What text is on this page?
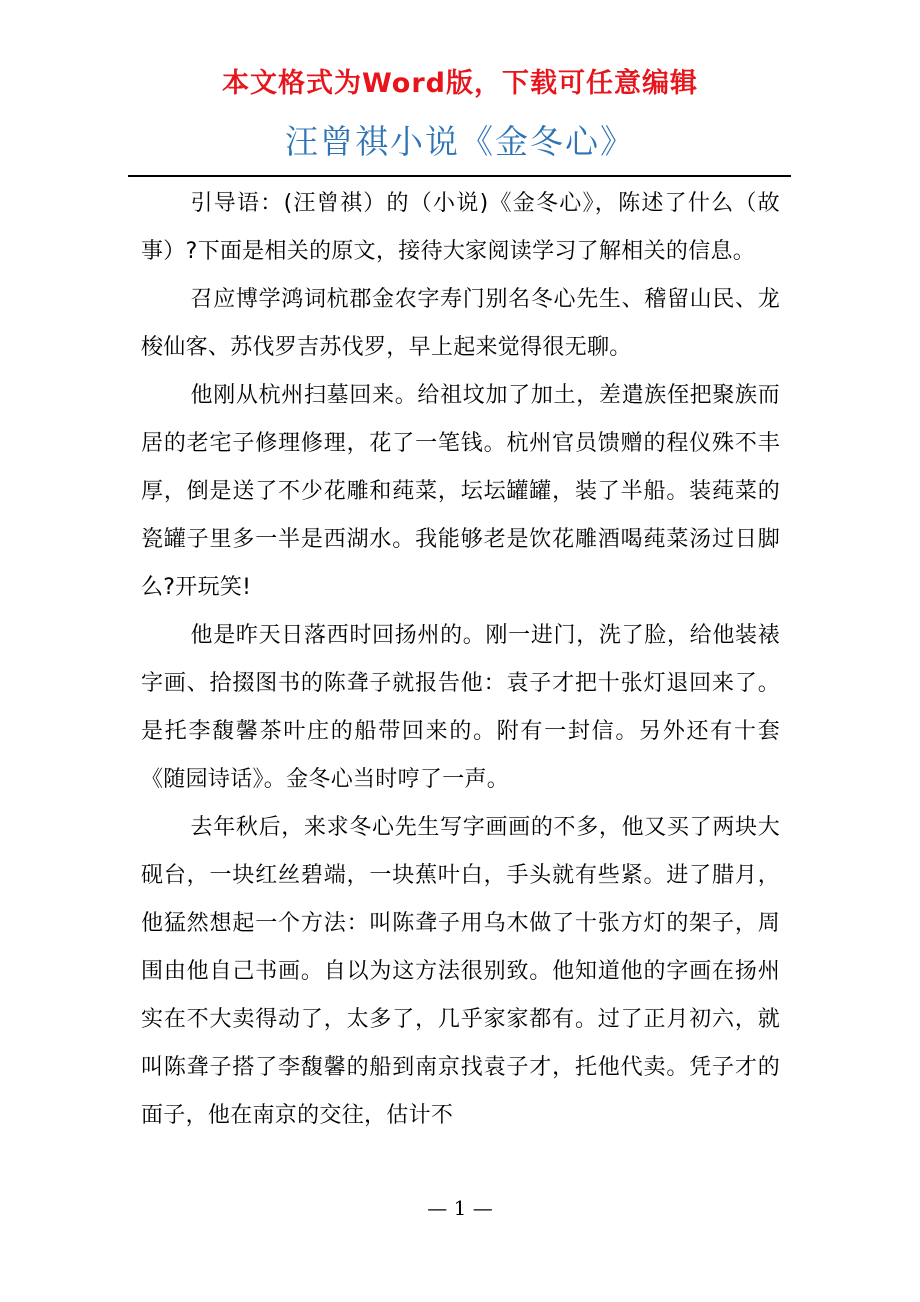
本文格式为Word版，下载可任意编辑
汪曾祺小说《金冬心》

引导语：(汪曾祺）的（小说)《金冬心》，陈述了什么（故事）?下面是相关的原文，接待大家阅读学习了解相关的信息。

召应博学鸿词杭郡金农字寿门别名冬心先生、稽留山民、龙梭仙客、苏伐罗吉苏伐罗，早上起来觉得很无聊。

他刚从杭州扫墓回来。给祖坟加了加土，差遣族侄把聚族而居的老宅子修理修理，花了一笔钱。杭州官员馈赠的程仪殊不丰厚，倒是送了不少花雕和莼菜，坛坛罐罐，装了半船。装莼菜的瓷罐子里多一半是西湖水。我能够老是饮花雕酒喝莼菜汤过日脚么?开玩笑!

他是昨天日落西时回扬州的。刚一进门，洗了脸，给他装裱字画、拾掇图书的陈聋子就报告他：袁子才把十张灯退回来了。是托李馥馨茶叶庄的船带回来的。附有一封信。另外还有十套《随园诗话》。金冬心当时哼了一声。

去年秋后，来求冬心先生写字画画的不多，他又买了两块大砚台，一块红丝碧端，一块蕉叶白，手头就有些紧。进了腊月，他猛然想起一个方法：叫陈聋子用乌木做了十张方灯的架子，周围由他自己书画。自以为这方法很别致。他知道他的字画在扬州实在不大卖得动了，太多了，几乎家家都有。过了正月初六，就叫陈聋子搭了李馥馨的船到南京找袁子才，托他代卖。凭子才的面子，他在南京的交往，估计不

— 1 —
